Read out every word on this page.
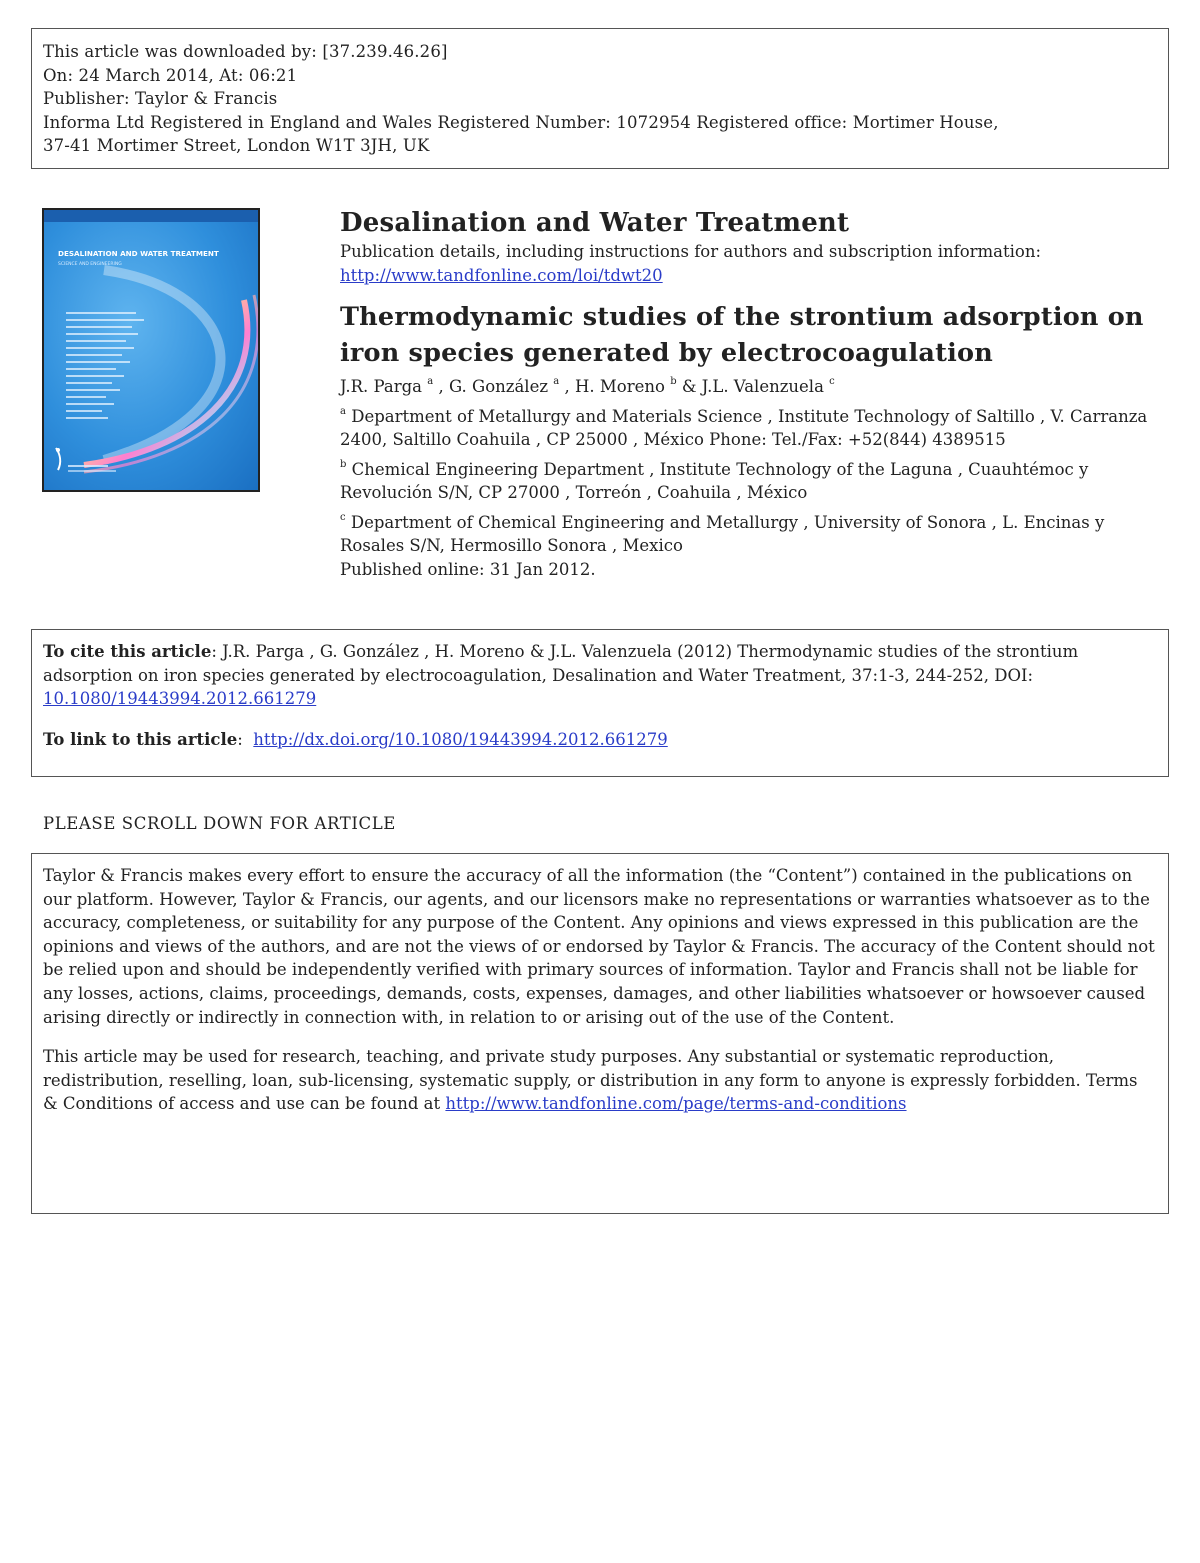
This article was downloaded by: [37.239.46.26]
On: 24 March 2014, At: 06:21
Publisher: Taylor & Francis
Informa Ltd Registered in England and Wales Registered Number: 1072954 Registered office: Mortimer House,
37-41 Mortimer Street, London W1T 3JH, UK
DESALINATION AND WATER TREATMENT
SCIENCE AND ENGINEERING
Desalination and Water Treatment
Publication details, including instructions for authors and subscription information:
http://www.tandfonline.com/loi/tdwt20
Thermodynamic studies of the strontium adsorption on
iron species generated by electrocoagulation
J.R. Parga $^a$ , G. González $^a$ , H. Moreno $^b$ & J.L. Valenzuela $^c$
$^a$ Department of Metallurgy and Materials Science , Institute Technology of Saltillo , V. Carranza 2400, Saltillo Coahuila , CP 25000 , México Phone: Tel./Fax: +52(844) 4389515
$^b$ Chemical Engineering Department , Institute Technology of the Laguna , Cuauhtémoc y Revolución S/N, CP 27000 , Torreón , Coahuila , México
$^c$ Department of Chemical Engineering and Metallurgy , University of Sonora , L. Encinas y Rosales S/N, Hermosillo Sonora , Mexico
Published online: 31 Jan 2012.
To cite this article: J.R. Parga , G. González , H. Moreno & J.L. Valenzuela (2012) Thermodynamic studies of the strontium adsorption on iron species generated by electrocoagulation, Desalination and Water Treatment, 37:1-3, 244-252, DOI: 10.1080/19443994.2012.661279
To link to this article: http://dx.doi.org/10.1080/19443994.2012.661279
PLEASE SCROLL DOWN FOR ARTICLE

Taylor & Francis makes every effort to ensure the accuracy of all the information (the “Content”) contained in the publications on our platform. However, Taylor & Francis, our agents, and our licensors make no representations or warranties whatsoever as to the accuracy, completeness, or suitability for any purpose of the Content. Any opinions and views expressed in this publication are the opinions and views of the authors, and are not the views of or endorsed by Taylor & Francis. The accuracy of the Content should not be relied upon and should be independently verified with primary sources of information. Taylor and Francis shall not be liable for any losses, actions, claims, proceedings, demands, costs, expenses, damages, and other liabilities whatsoever or howsoever caused arising directly or indirectly in connection with, in relation to or arising out of the use of the Content.

This article may be used for research, teaching, and private study purposes. Any substantial or systematic reproduction, redistribution, reselling, loan, sub-licensing, systematic supply, or distribution in any form to anyone is expressly forbidden. Terms & Conditions of access and use can be found at http://www.tandfonline.com/page/terms-and-conditions
